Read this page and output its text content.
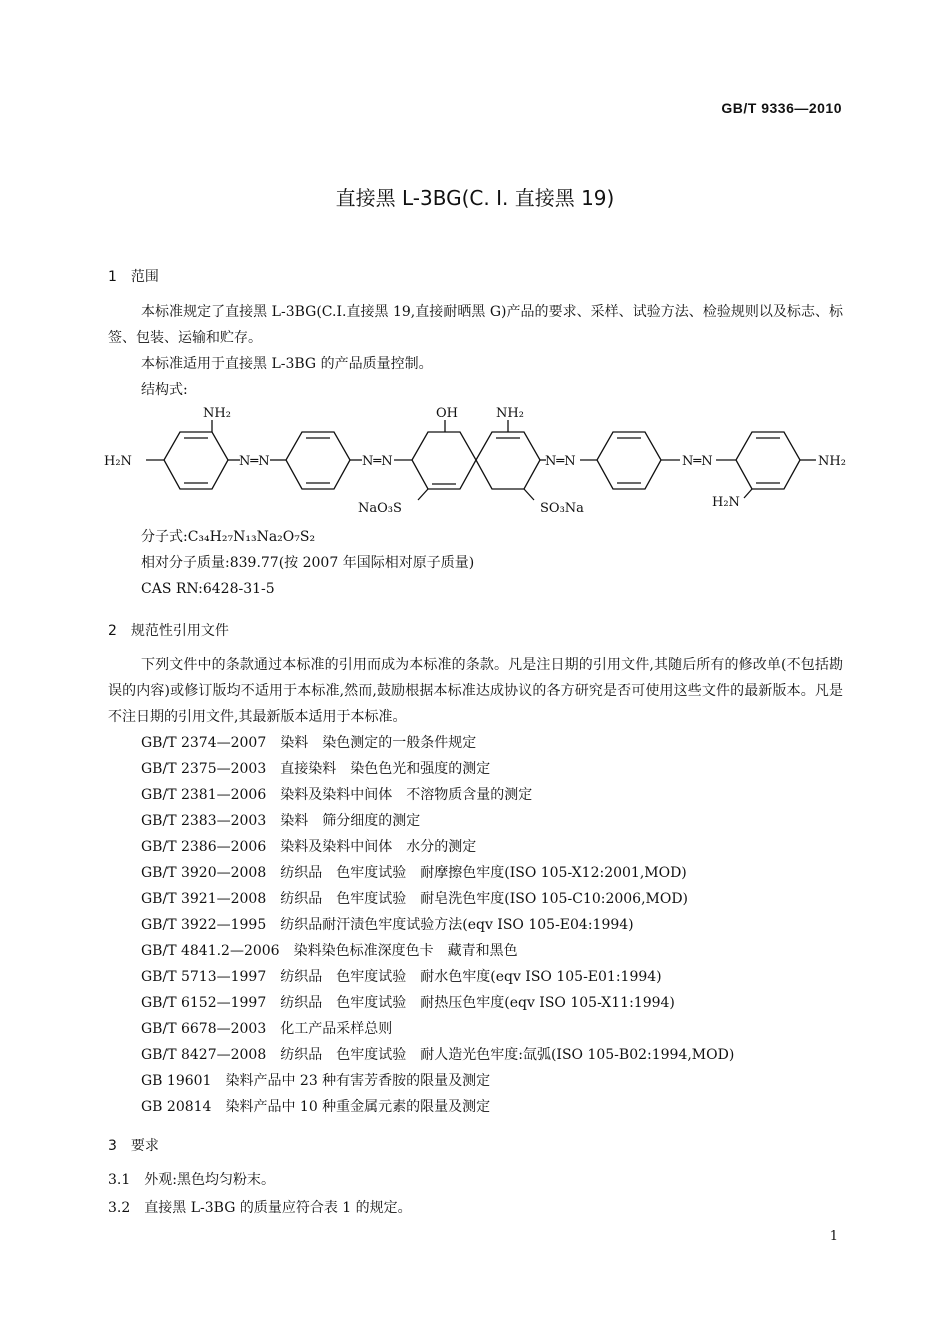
GB/T 9336—2010
直接黑 L-3BG(C. I. 直接黑 19)
1　范围
本标准规定了直接黑 L-3BG(C.I.直接黑 19,直接耐晒黑 G)产品的要求、采样、试验方法、检验规则以及标志、标签、包装、运输和贮存。
本标准适用于直接黑 L-3BG 的产品质量控制。
结构式:
NH₂
H₂N	N═N	N═N
OH	NH₂
N═N	N═N	NH₂
NaO₃S	SO₃Na	H₂N
分子式:C₃₄H₂₇N₁₃Na₂O₇S₂
相对分子质量:839.77(按 2007 年国际相对原子质量)
CAS RN:6428-31-5
2　规范性引用文件
下列文件中的条款通过本标准的引用而成为本标准的条款。凡是注日期的引用文件,其随后所有的修改单(不包括勘误的内容)或修订版均不适用于本标准,然而,鼓励根据本标准达成协议的各方研究是否可使用这些文件的最新版本。凡是不注日期的引用文件,其最新版本适用于本标准。
GB/T 2374—2007　染料　染色测定的一般条件规定
GB/T 2375—2003　直接染料　染色色光和强度的测定
GB/T 2381—2006　染料及染料中间体　不溶物质含量的测定
GB/T 2383—2003　染料　筛分细度的测定
GB/T 2386—2006　染料及染料中间体　水分的测定
GB/T 3920—2008　纺织品　色牢度试验　耐摩擦色牢度(ISO 105-X12:2001,MOD)
GB/T 3921—2008　纺织品　色牢度试验　耐皂洗色牢度(ISO 105-C10:2006,MOD)
GB/T 3922—1995　纺织品耐汗渍色牢度试验方法(eqv ISO 105-E04:1994)
GB/T 4841.2—2006　染料染色标准深度色卡　藏青和黑色
GB/T 5713—1997　纺织品　色牢度试验　耐水色牢度(eqv ISO 105-E01:1994)
GB/T 6152—1997　纺织品　色牢度试验　耐热压色牢度(eqv ISO 105-X11:1994)
GB/T 6678—2003　化工产品采样总则
GB/T 8427—2008　纺织品　色牢度试验　耐人造光色牢度:氙弧(ISO 105-B02:1994,MOD)
GB 19601　染料产品中 23 种有害芳香胺的限量及测定
GB 20814　染料产品中 10 种重金属元素的限量及测定
3　要求
3.1　外观:黑色均匀粉末。
3.2　直接黑 L-3BG 的质量应符合表 1 的规定。
1
